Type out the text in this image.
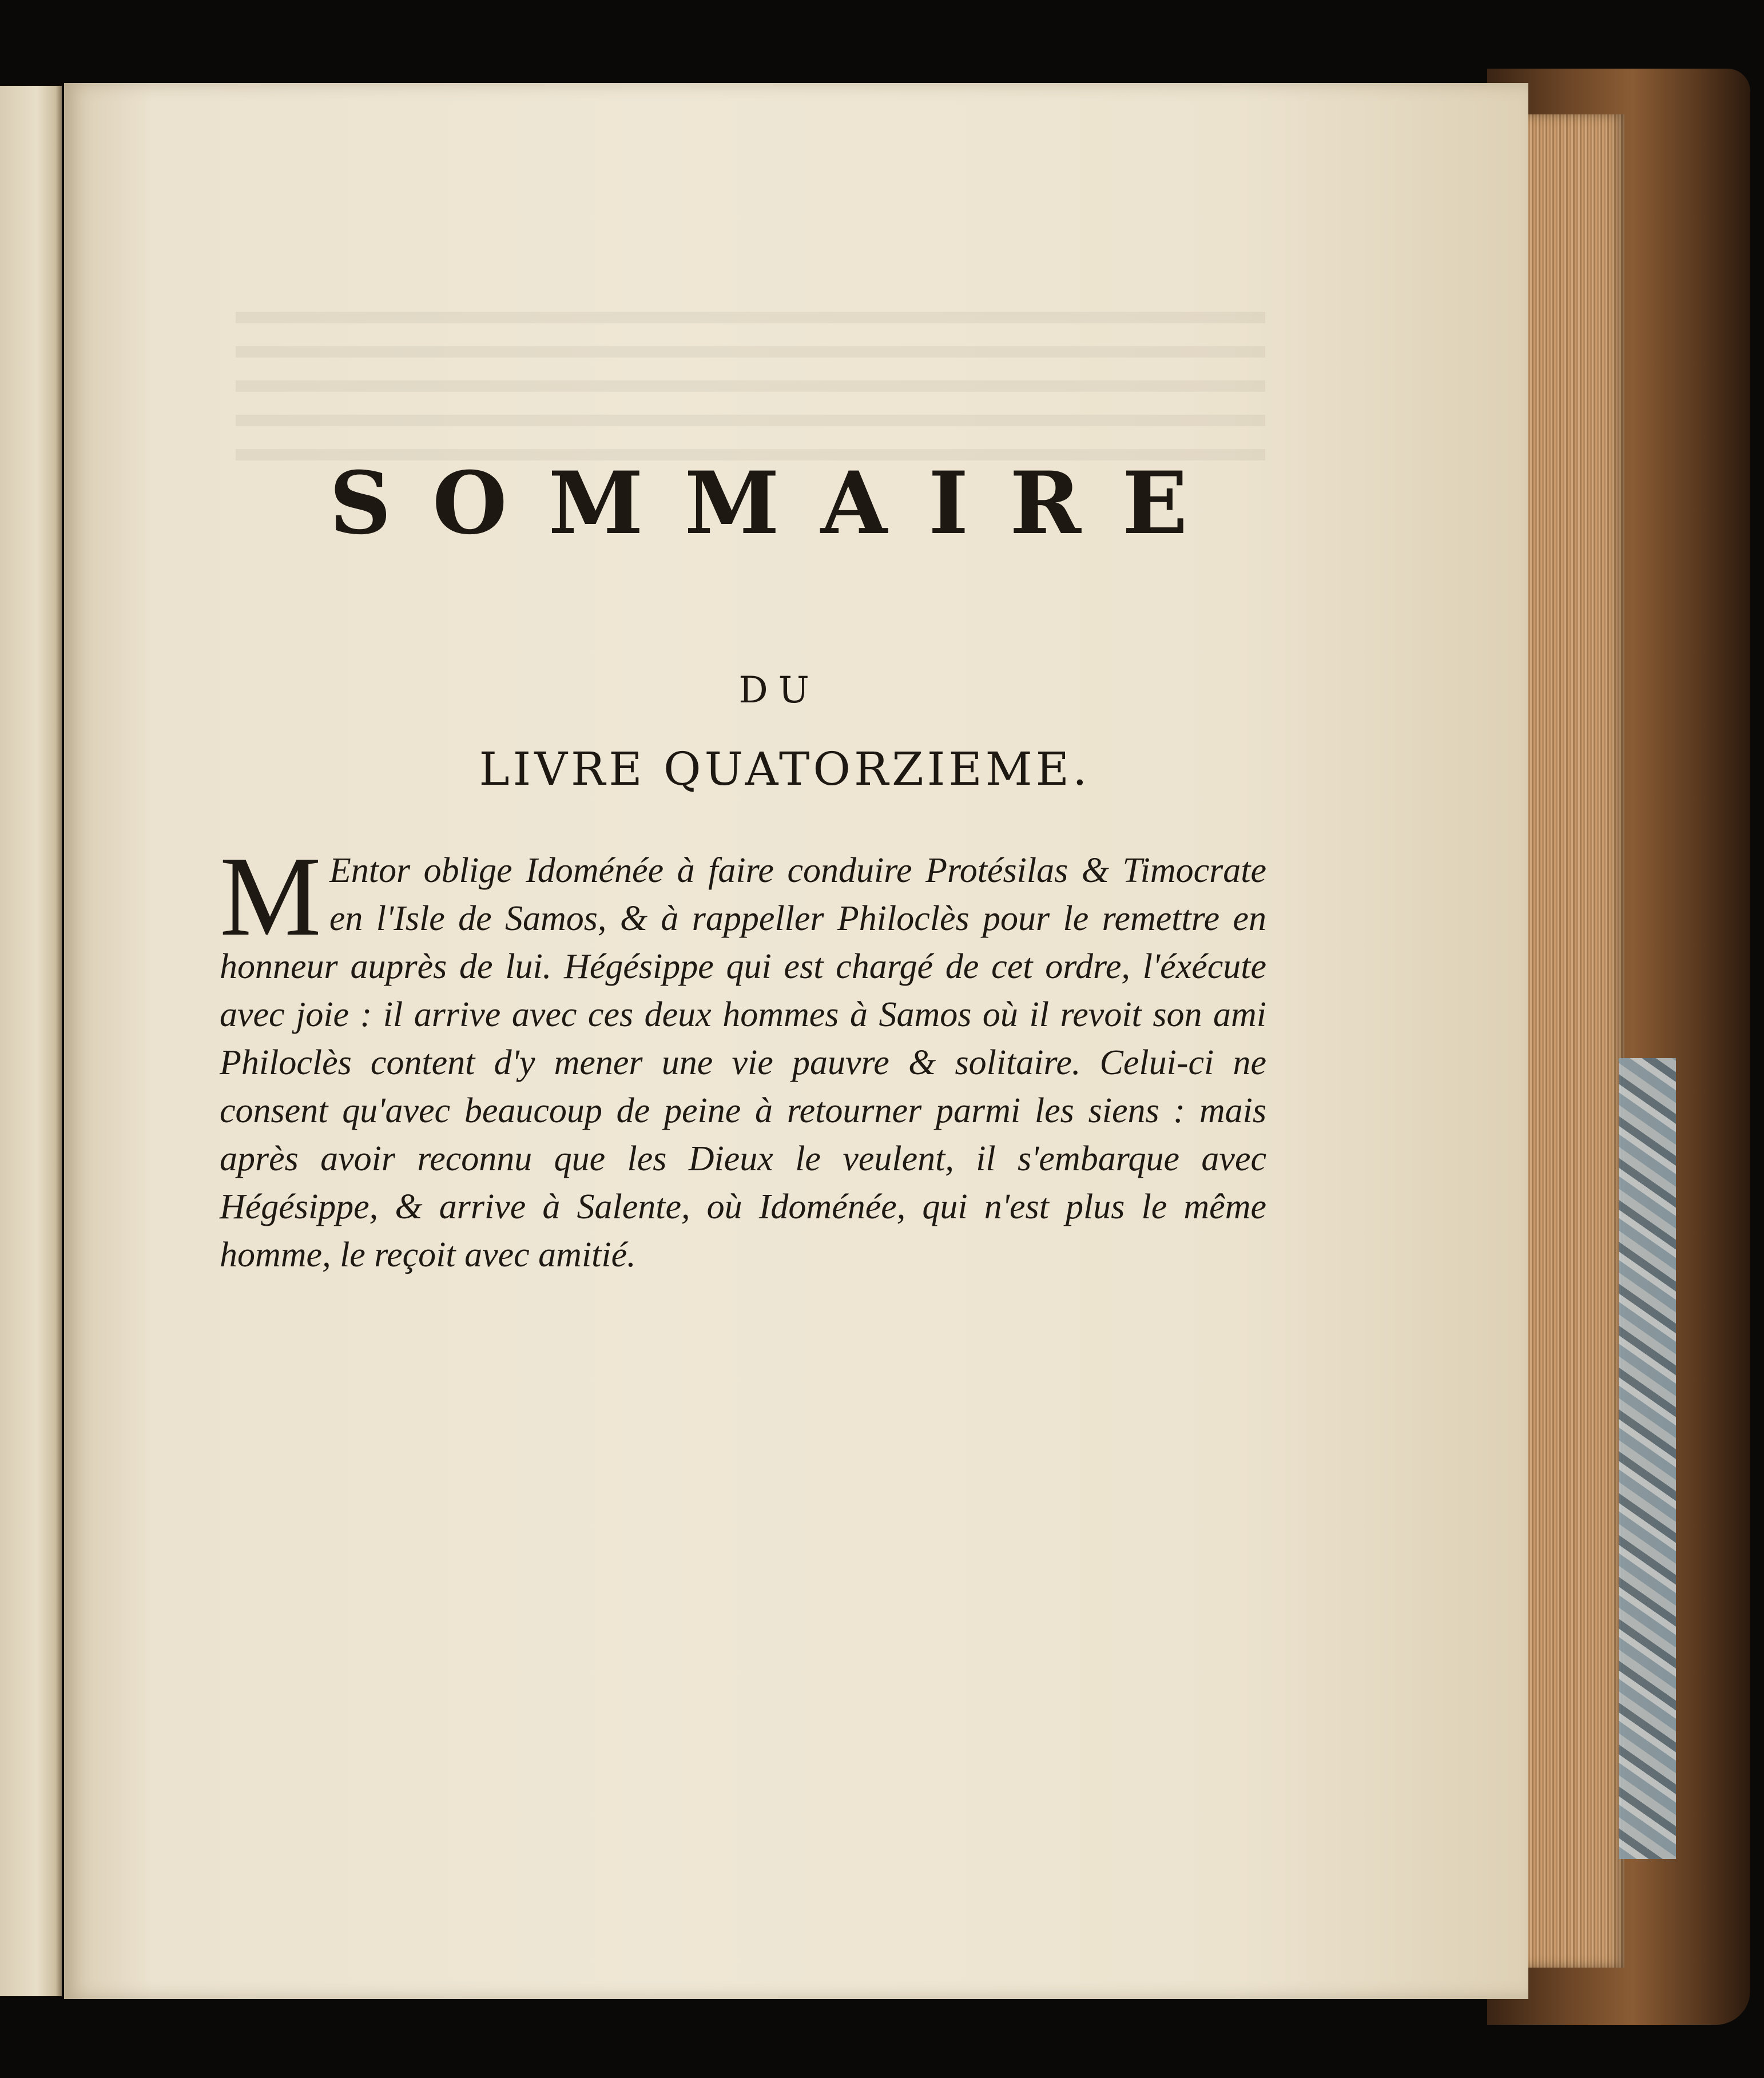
SOMMAIRE
DU
LIVRE QUATORZIEME.

M Entor oblige Idoménée à faire conduire Protésilas & Timocrate en l'Isle de Samos, & à rappeller Philoclès pour le remettre en honneur auprès de lui. Hégésippe qui est chargé de cet ordre, l'éxécute avec joie : il arrive avec ces deux hommes à Samos où il revoit son ami Philoclès content d'y mener une vie pauvre & solitaire. Celui-ci ne consent qu'avec beaucoup de peine à retourner parmi les siens : mais après avoir reconnu que les Dieux le veulent, il s'embarque avec Hégésippe, & arrive à Salente, où Idoménée, qui n'est plus le même homme, le reçoit avec amitié.
